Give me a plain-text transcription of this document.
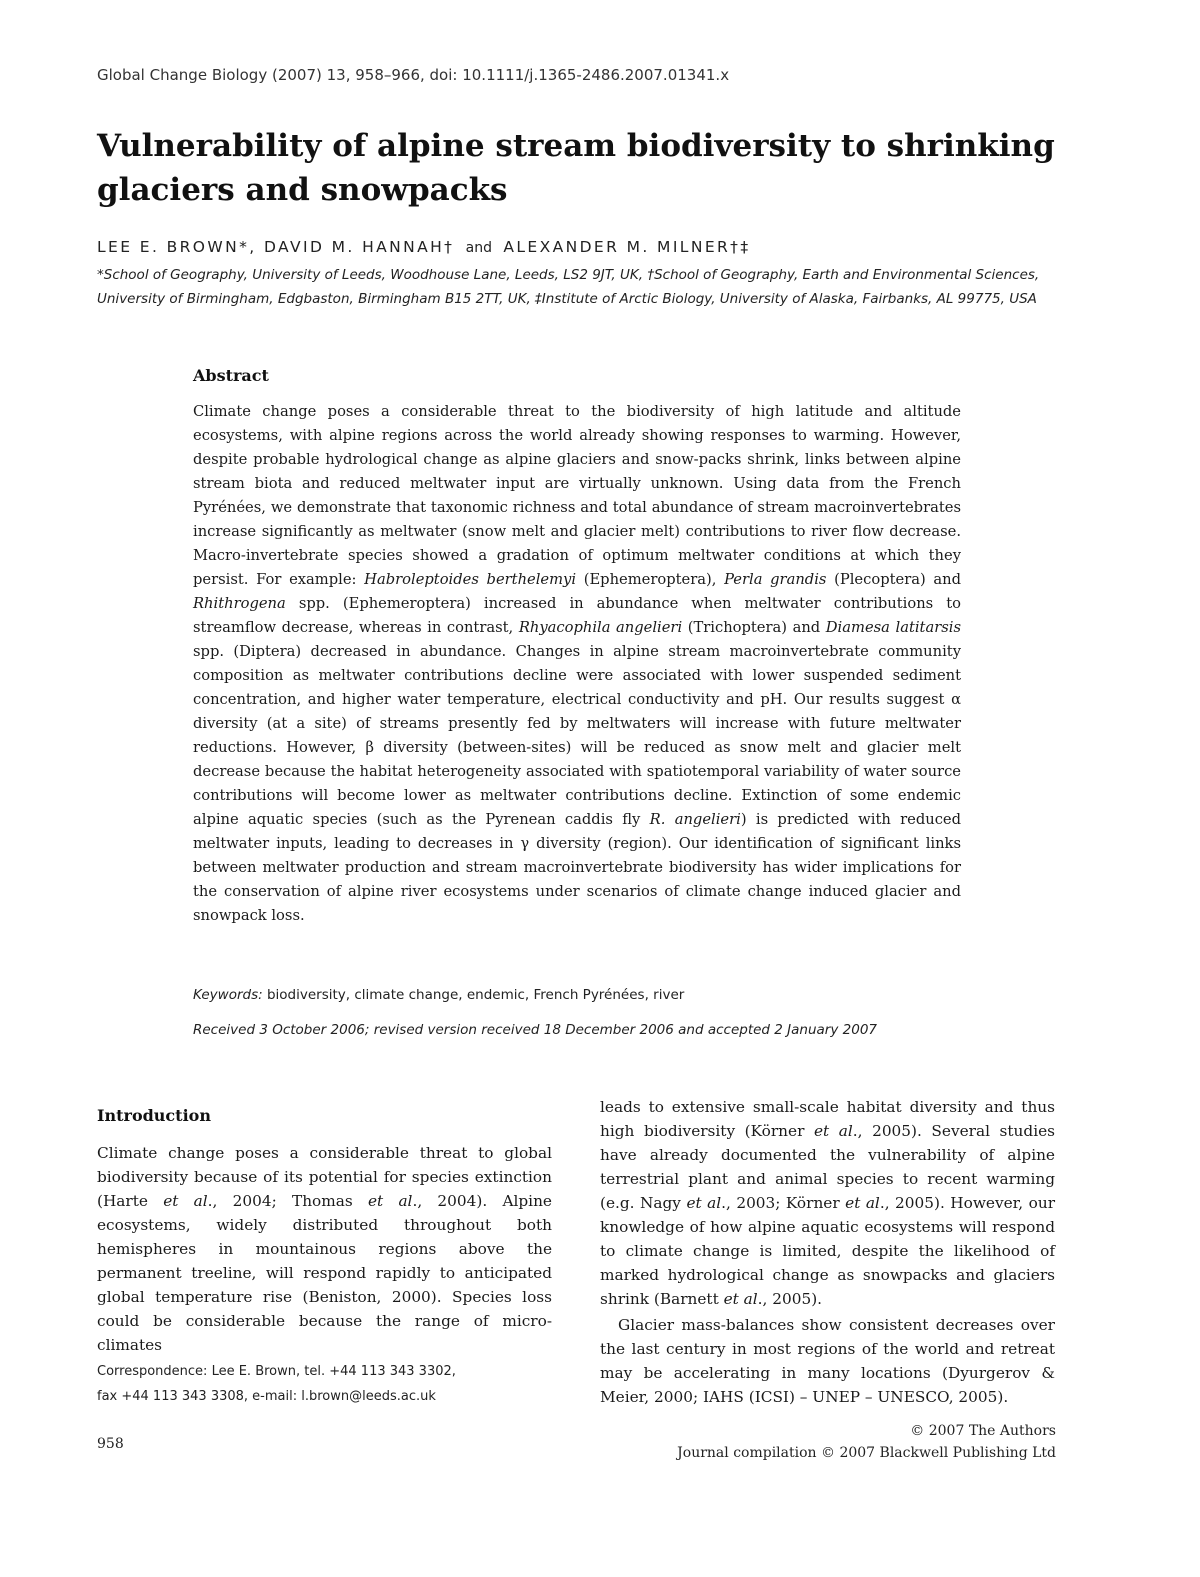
Global Change Biology (2007) 13, 958–966, doi: 10.1111/j.1365-2486.2007.01341.x
Vulnerability of alpine stream biodiversity to shrinking glaciers and snowpacks
LEE E. BROWN*, DAVID M. HANNAH† and ALEXANDER M. MILNER†‡
*School of Geography, University of Leeds, Woodhouse Lane, Leeds, LS2 9JT, UK, †School of Geography, Earth and Environmental Sciences, University of Birmingham, Edgbaston, Birmingham B15 2TT, UK, ‡Institute of Arctic Biology, University of Alaska, Fairbanks, AL 99775, USA
Abstract

Climate change poses a considerable threat to the biodiversity of high latitude and altitude ecosystems, with alpine regions across the world already showing responses to warming. However, despite probable hydrological change as alpine glaciers and snow-packs shrink, links between alpine stream biota and reduced meltwater input are virtually unknown. Using data from the French Pyrénées, we demonstrate that taxonomic richness and total abundance of stream macroinvertebrates increase significantly as meltwater (snow melt and glacier melt) contributions to river flow decrease. Macro-invertebrate species showed a gradation of optimum meltwater conditions at which they persist. For example: Habroleptoides berthelemyi (Ephemeroptera), Perla grandis (Plecoptera) and Rhithrogena spp. (Ephemeroptera) increased in abundance when meltwater contributions to streamflow decrease, whereas in contrast, Rhyacophila angelieri (Trichoptera) and Diamesa latitarsis spp. (Diptera) decreased in abundance. Changes in alpine stream macroinvertebrate community composition as meltwater contributions decline were associated with lower suspended sediment concentration, and higher water temperature, electrical conductivity and pH. Our results suggest α diversity (at a site) of streams presently fed by meltwaters will increase with future meltwater reductions. However, β diversity (between-sites) will be reduced as snow melt and glacier melt decrease because the habitat heterogeneity associated with spatiotemporal variability of water source contributions will become lower as meltwater contributions decline. Extinction of some endemic alpine aquatic species (such as the Pyrenean caddis fly R. angelieri) is predicted with reduced meltwater inputs, leading to decreases in γ diversity (region). Our identification of significant links between meltwater production and stream macroinvertebrate biodiversity has wider implications for the conservation of alpine river ecosystems under scenarios of climate change induced glacier and snowpack loss.

Keywords: biodiversity, climate change, endemic, French Pyrénées, river
Received 3 October 2006; revised version received 18 December 2006 and accepted 2 January 2007
Introduction

Climate change poses a considerable threat to global biodiversity because of its potential for species extinction (Harte et al., 2004; Thomas et al., 2004). Alpine ecosystems, widely distributed throughout both hemispheres in mountainous regions above the permanent treeline, will respond rapidly to anticipated global temperature rise (Beniston, 2000). Species loss could be considerable because the range of micro-climates

leads to extensive small-scale habitat diversity and thus high biodiversity (Körner et al., 2005). Several studies have already documented the vulnerability of alpine terrestrial plant and animal species to recent warming (e.g. Nagy et al., 2003; Körner et al., 2005). However, our knowledge of how alpine aquatic ecosystems will respond to climate change is limited, despite the likelihood of marked hydrological change as snowpacks and glaciers shrink (Barnett et al., 2005).

Glacier mass-balances show consistent decreases over the last century in most regions of the world and retreat may be accelerating in many locations (Dyurgerov & Meier, 2000; IAHS (ICSI) – UNEP – UNESCO, 2005).

Correspondence: Lee E. Brown, tel. +44 113 343 3302,
fax +44 113 343 3308, e-mail: l.brown@leeds.ac.uk
958
© 2007 The Authors
Journal compilation © 2007 Blackwell Publishing Ltd
